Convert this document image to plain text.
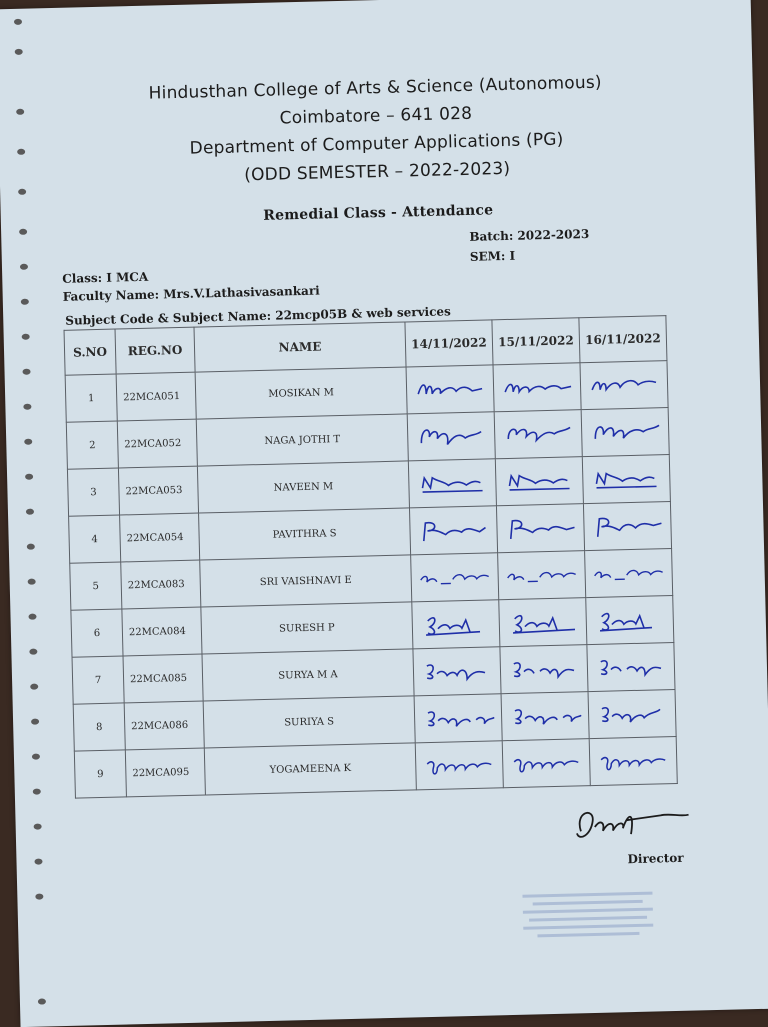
Hindusthan College of Arts & Science (Autonomous)
Coimbatore – 641 028
Department of Computer Applications (PG)
(ODD SEMESTER – 2022-2023)
Remedial Class - Attendance
Batch: 2022-2023
SEM: I
Class: I MCA
Faculty Name: Mrs.V.Lathasivasankari
Subject Code & Subject Name: 22mcp05B & web services
S.NO	REG.NO	NAME	14/11/2022	15/11/2022	16/11/2022
1	22MCA051	MOSIKAN M

2	22MCA052	NAGA JOTHI T

3	22MCA053	NAVEEN M

4	22MCA054	PAVITHRA S

5	22MCA083	SRI VAISHNAVI E

6	22MCA084	SURESH P

7	22MCA085	SURYA M A

8	22MCA086	SURIYA S

9	22MCA095	YOGAMEENA K

Director
